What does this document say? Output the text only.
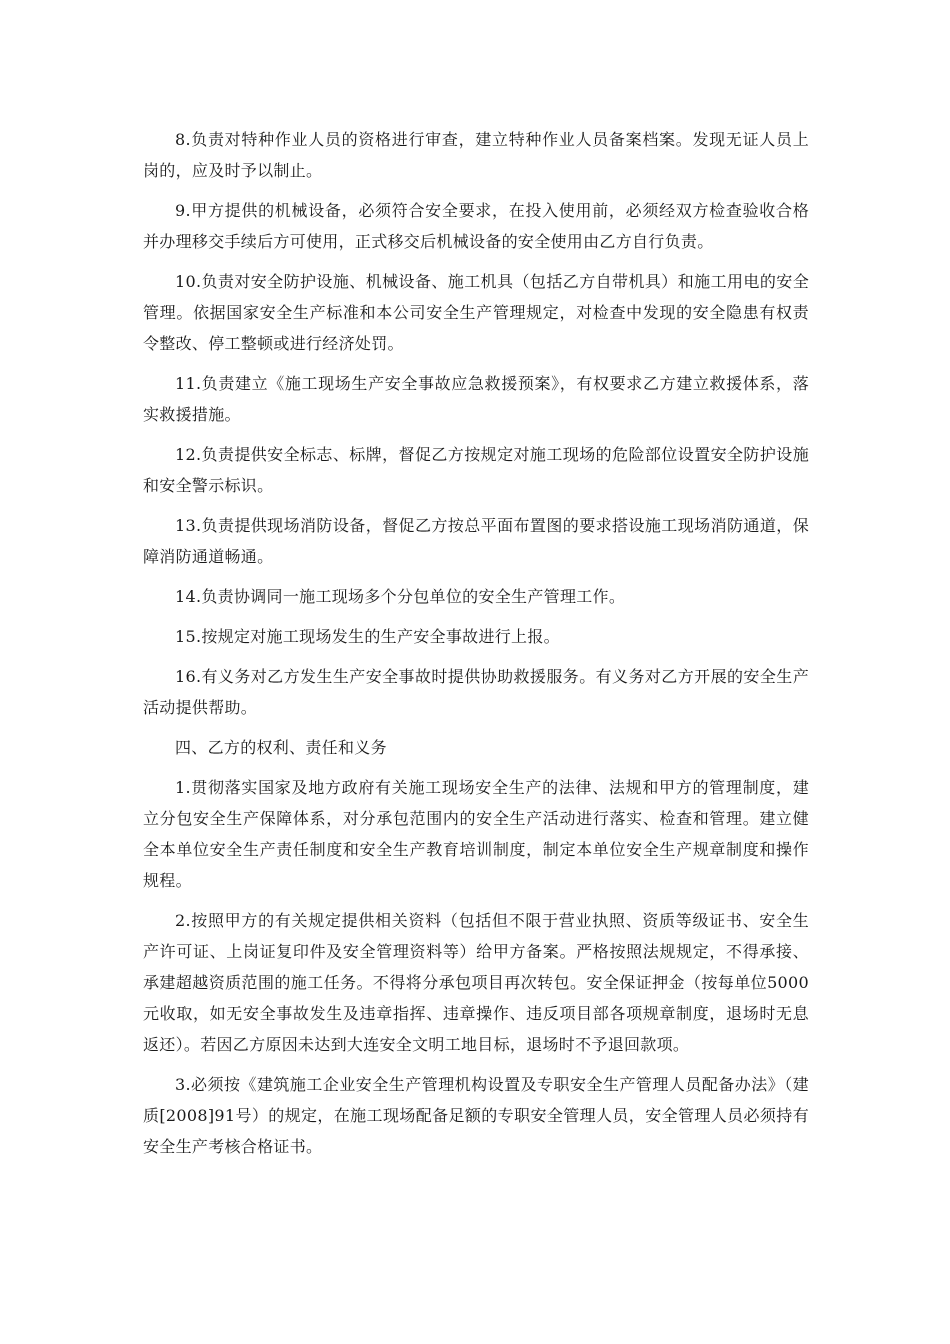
8.负责对特种作业人员的资格进行审查，建立特种作业人员备案档案。发现无证人员上岗的，应及时予以制止。

9.甲方提供的机械设备，必须符合安全要求，在投入使用前，必须经双方检查验收合格并办理移交手续后方可使用，正式移交后机械设备的安全使用由乙方自行负责。

10.负责对安全防护设施、机械设备、施工机具（包括乙方自带机具）和施工用电的安全管理。依据国家安全生产标准和本公司安全生产管理规定，对检查中发现的安全隐患有权责令整改、停工整顿或进行经济处罚。

11.负责建立《施工现场生产安全事故应急救援预案》，有权要求乙方建立救援体系，落实救援措施。

12.负责提供安全标志、标牌，督促乙方按规定对施工现场的危险部位设置安全防护设施和安全警示标识。

13.负责提供现场消防设备，督促乙方按总平面布置图的要求搭设施工现场消防通道，保障消防通道畅通。

14.负责协调同一施工现场多个分包单位的安全生产管理工作。

15.按规定对施工现场发生的生产安全事故进行上报。

16.有义务对乙方发生生产安全事故时提供协助救援服务。有义务对乙方开展的安全生产活动提供帮助。

四、乙方的权利、责任和义务

1.贯彻落实国家及地方政府有关施工现场安全生产的法律、法规和甲方的管理制度，建立分包安全生产保障体系，对分承包范围内的安全生产活动进行落实、检查和管理。建立健全本单位安全生产责任制度和安全生产教育培训制度，制定本单位安全生产规章制度和操作规程。

2.按照甲方的有关规定提供相关资料（包括但不限于营业执照、资质等级证书、安全生产许可证、上岗证复印件及安全管理资料等）给甲方备案。严格按照法规规定，不得承接、承建超越资质范围的施工任务。不得将分承包项目再次转包。安全保证押金（按每单位5000元收取，如无安全事故发生及违章指挥、违章操作、违反项目部各项规章制度，退场时无息返还）。若因乙方原因未达到大连安全文明工地目标，退场时不予退回款项。

3.必须按《建筑施工企业安全生产管理机构设置及专职安全生产管理人员配备办法》（建质[2008]91号）的规定，在施工现场配备足额的专职安全管理人员，安全管理人员必须持有安全生产考核合格证书。
